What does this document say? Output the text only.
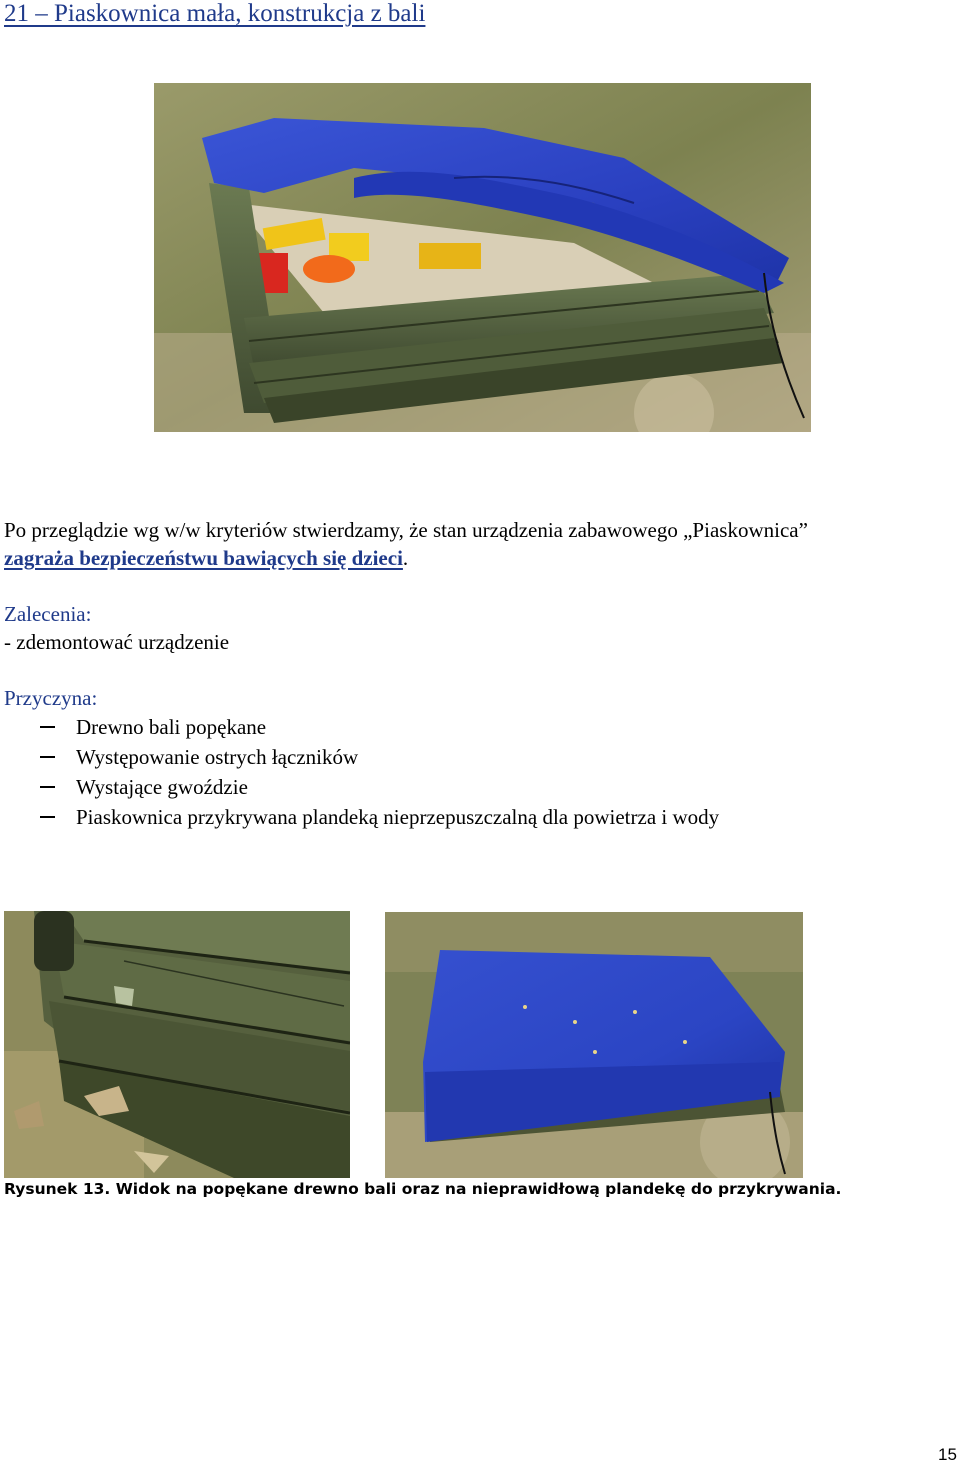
21 – Piaskownica mała, konstrukcja z bali
Po przeglądzie wg w/w kryteriów stwierdzamy, że stan urządzenia zabawowego „Piaskownica”
zagraża bezpieczeństwu bawiących się dzieci.
Zalecenia:
- zdemontować urządzenie
Przyczyna:
Drewno bali popękane
Występowanie ostrych łączników
Wystające gwoździe
Piaskownica przykrywana plandeką nieprzepuszczalną dla powietrza i wody
Rysunek 13. Widok na popękane drewno bali oraz na nieprawidłową plandekę do przykrywania.
15
